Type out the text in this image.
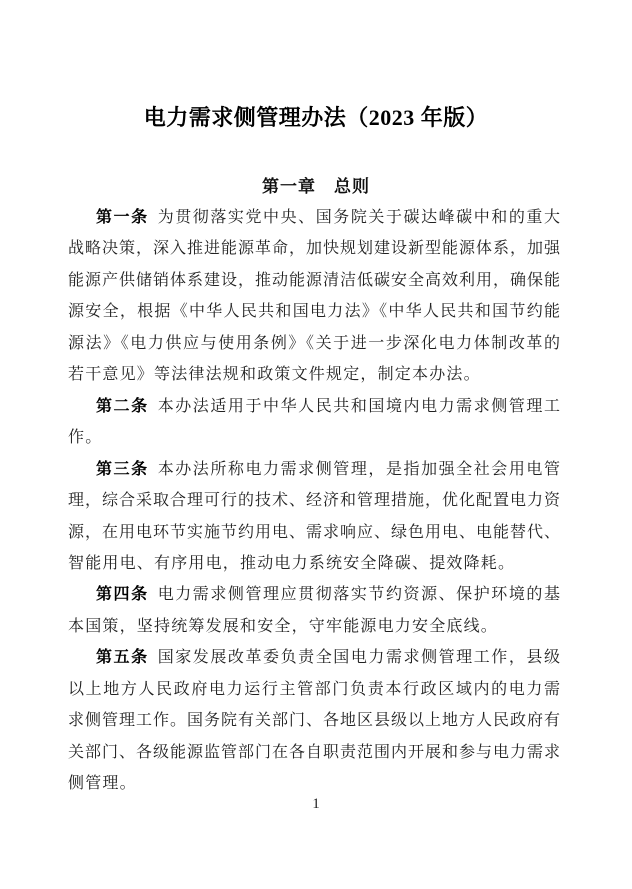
电力需求侧管理办法（2023 年版）
第一章　总则
第一条 为贯彻落实党中央、国务院关于碳达峰碳中和的重大
战略决策，深入推进能源革命，加快规划建设新型能源体系，加强
能源产供储销体系建设，推动能源清洁低碳安全高效利用，确保能
源安全，根据《中华人民共和国电力法》《中华人民共和国节约能
源法》《电力供应与使用条例》《关于进一步深化电力体制改革的
若干意见》等法律法规和政策文件规定，制定本办法。
第二条 本办法适用于中华人民共和国境内电力需求侧管理工
作。
第三条 本办法所称电力需求侧管理，是指加强全社会用电管
理，综合采取合理可行的技术、经济和管理措施，优化配置电力资
源，在用电环节实施节约用电、需求响应、绿色用电、电能替代、
智能用电、有序用电，推动电力系统安全降碳、提效降耗。
第四条 电力需求侧管理应贯彻落实节约资源、保护环境的基
本国策，坚持统筹发展和安全，守牢能源电力安全底线。
第五条 国家发展改革委负责全国电力需求侧管理工作，县级
以上地方人民政府电力运行主管部门负责本行政区域内的电力需
求侧管理工作。国务院有关部门、各地区县级以上地方人民政府有
关部门、各级能源监管部门在各自职责范围内开展和参与电力需求
侧管理。
1
